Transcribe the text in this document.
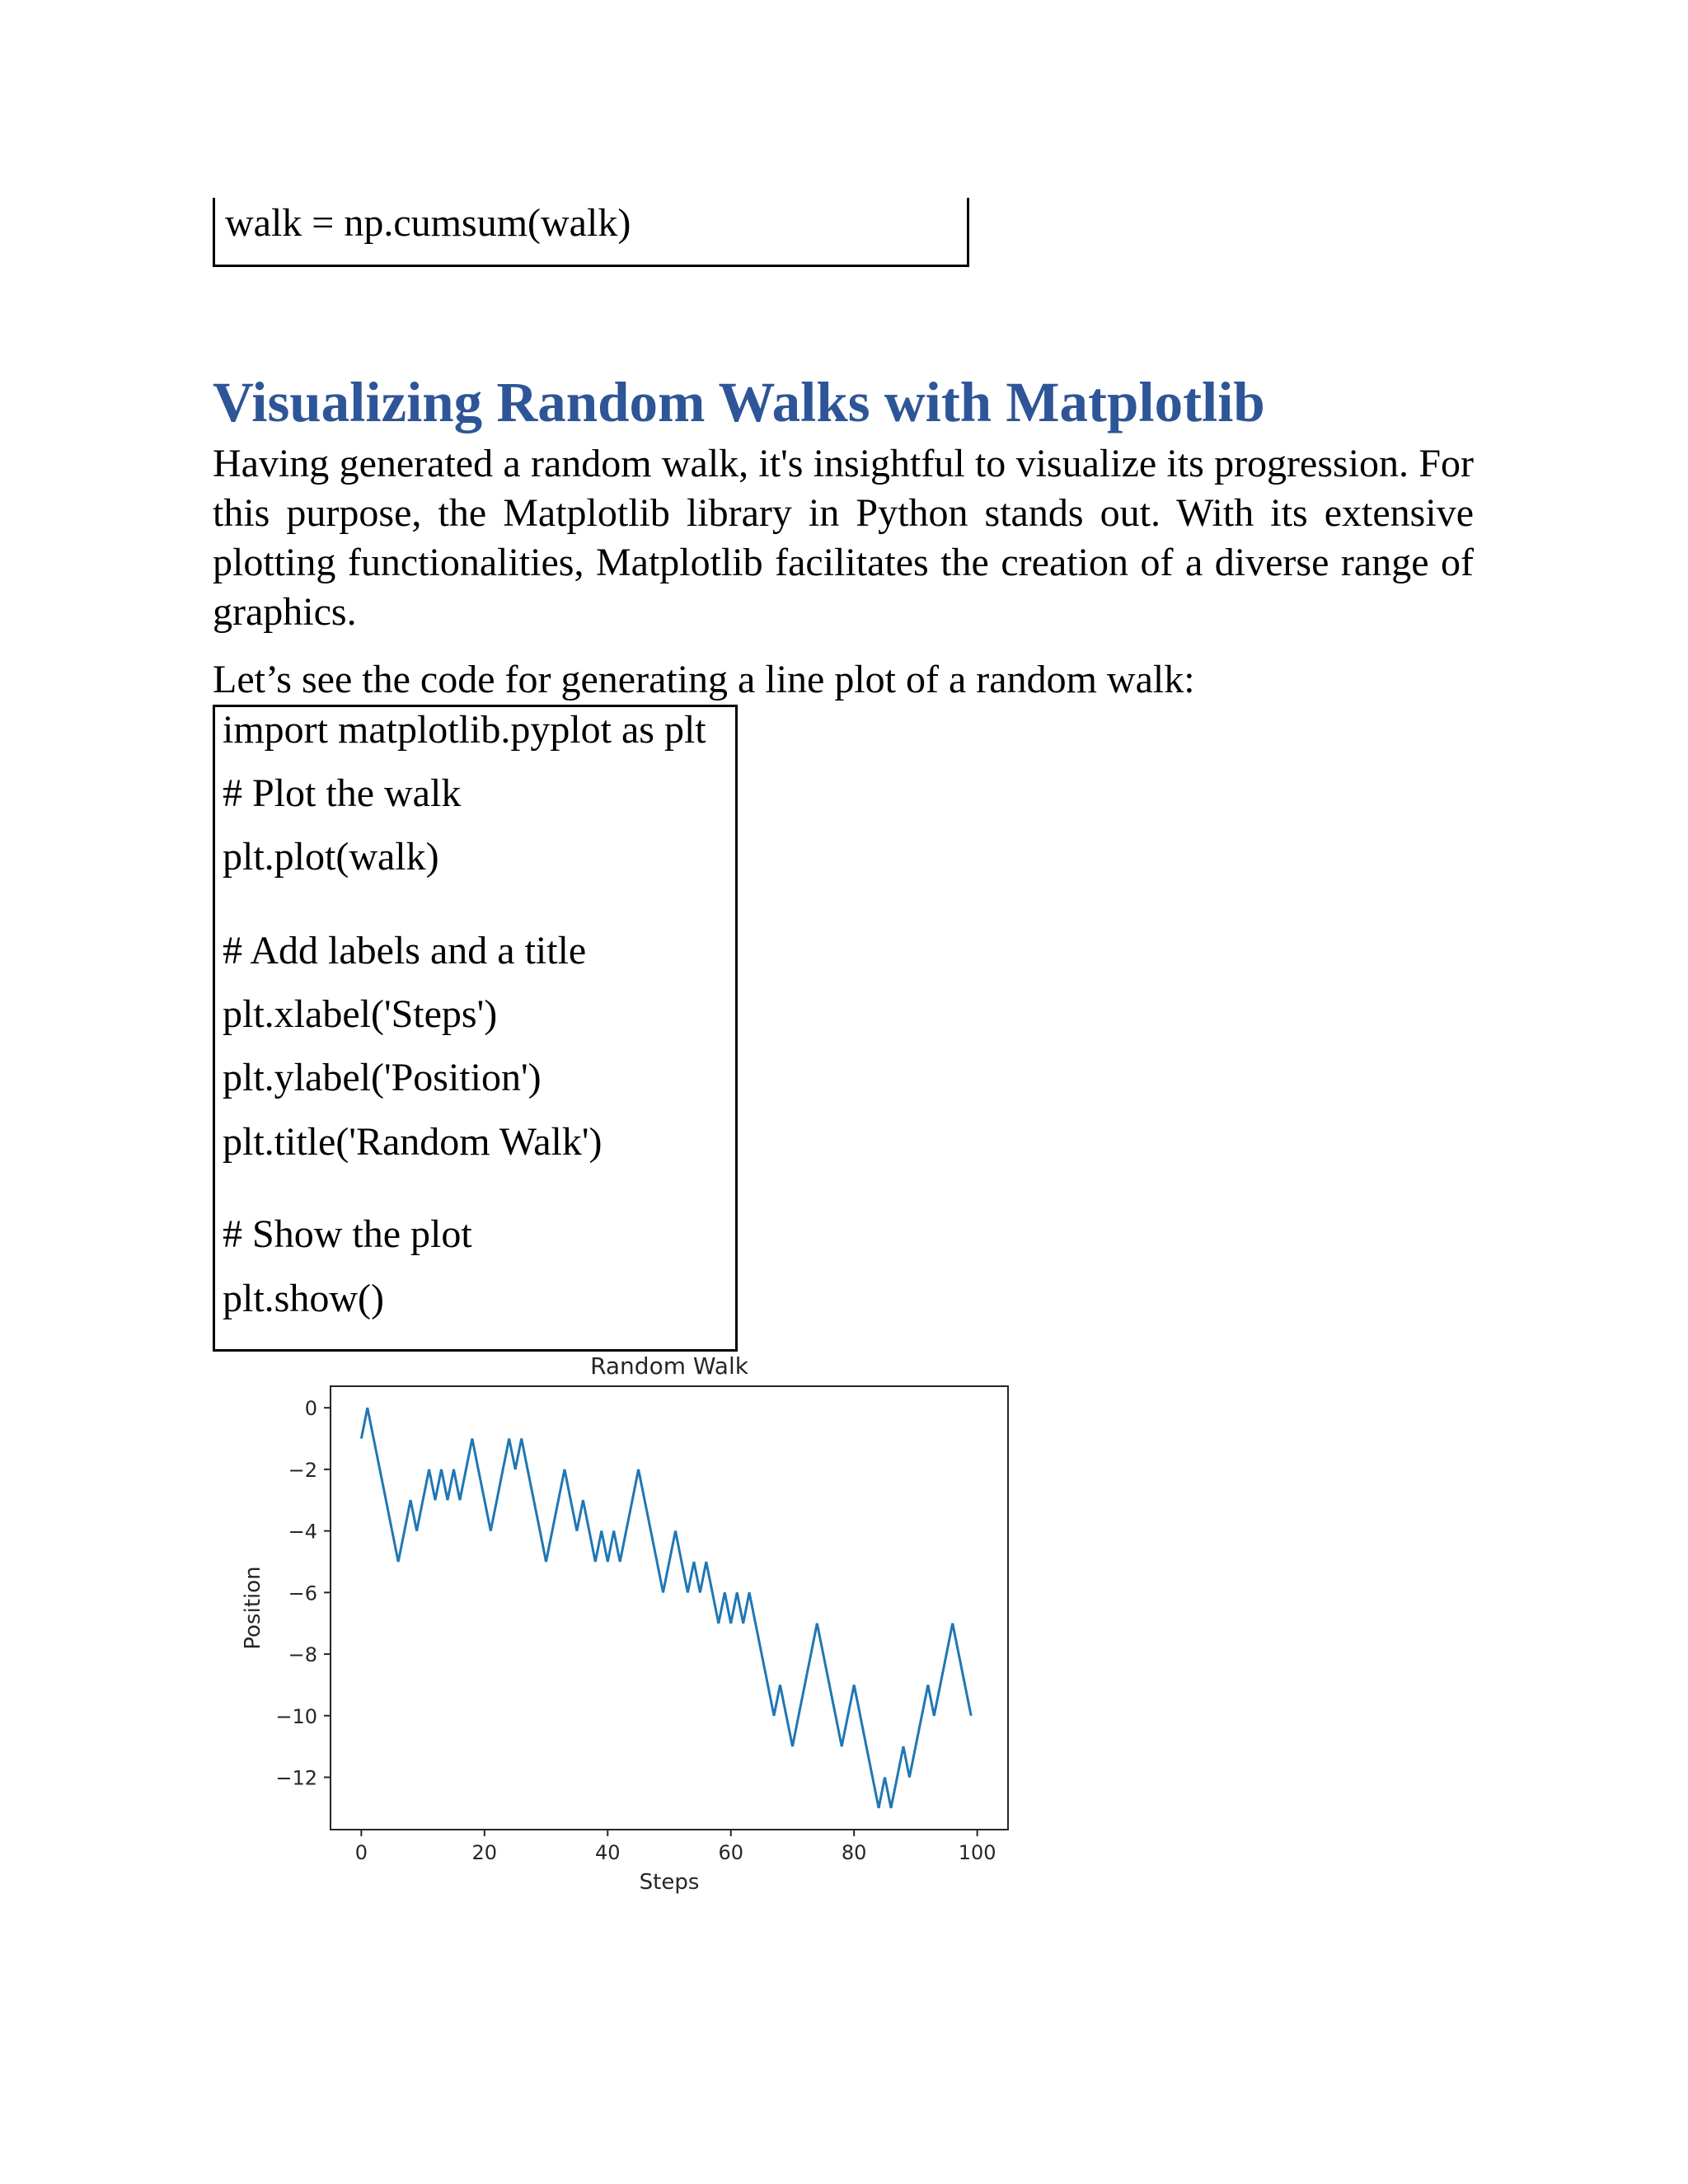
walk = np.cumsum(walk)
Visualizing Random Walks with Matplotlib

Having generated a random walk, it's insightful to visualize its progression. For this purpose, the Matplotlib library in Python stands out. With its extensive plotting functionalities, Matplotlib facilitates the creation of a diverse range of graphics.

Let’s see the code for generating a line plot of a random walk:

import matplotlib.pyplot as plt
# Plot the walk
plt.plot(walk)
# Add labels and a title
plt.xlabel('Steps')
plt.ylabel('Position')
plt.title('Random Walk')
# Show the plot
plt.show()
Random Walk
0	20	40	60	80	100
0
−2
−4
−6
−8
−10
−12
Steps
Position
